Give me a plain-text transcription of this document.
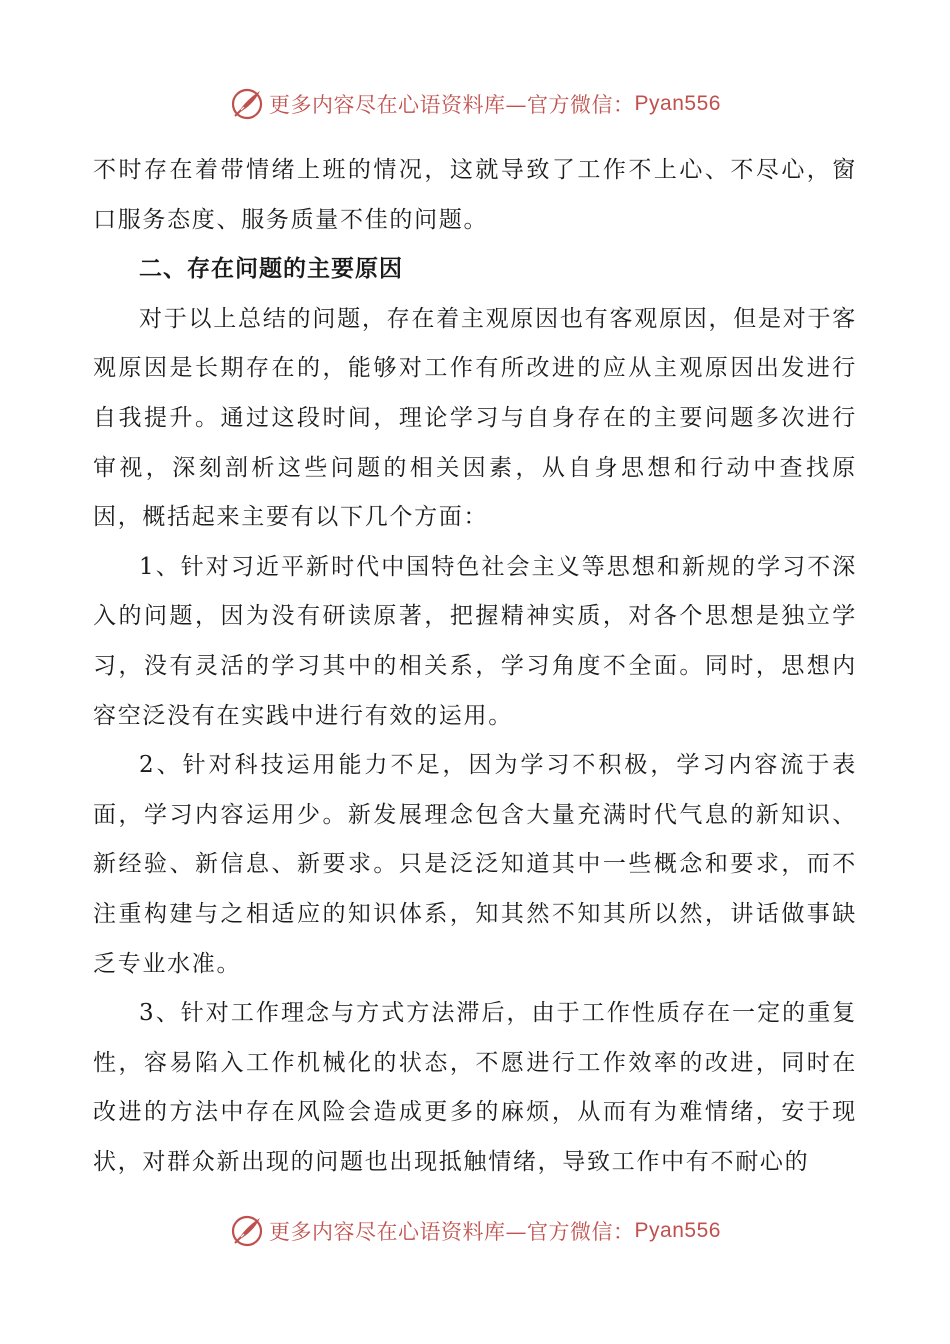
更多内容尽在心语资料库—官方微信： Pyan556

不时存在着带情绪上班的情况，这就导致了工作不上心、不尽心，窗口服务态度、服务质量不佳的问题。

二、存在问题的主要原因

对于以上总结的问题，存在着主观原因也有客观原因，但是对于客观原因是长期存在的，能够对工作有所改进的应从主观原因出发进行自我提升。通过这段时间，理论学习与自身存在的主要问题多次进行审视，深刻剖析这些问题的相关因素，从自身思想和行动中查找原因，概括起来主要有以下几个方面：

1、针对习近平新时代中国特色社会主义等思想和新规的学习不深入的问题，因为没有研读原著，把握精神实质，对各个思想是独立学习，没有灵活的学习其中的相关系，学习角度不全面。同时，思想内容空泛没有在实践中进行有效的运用。

2、针对科技运用能力不足，因为学习不积极，学习内容流于表面，学习内容运用少。新发展理念包含大量充满时代气息的新知识、新经验、新信息、新要求。只是泛泛知道其中一些概念和要求，而不注重构建与之相适应的知识体系，知其然不知其所以然，讲话做事缺乏专业水准。

3、针对工作理念与方式方法滞后，由于工作性质存在一定的重复性，容易陷入工作机械化的状态，不愿进行工作效率的改进，同时在改进的方法中存在风险会造成更多的麻烦，从而有为难情绪，安于现状，对群众新出现的问题也出现抵触情绪，导致工作中有不耐心的

更多内容尽在心语资料库—官方微信： Pyan556
